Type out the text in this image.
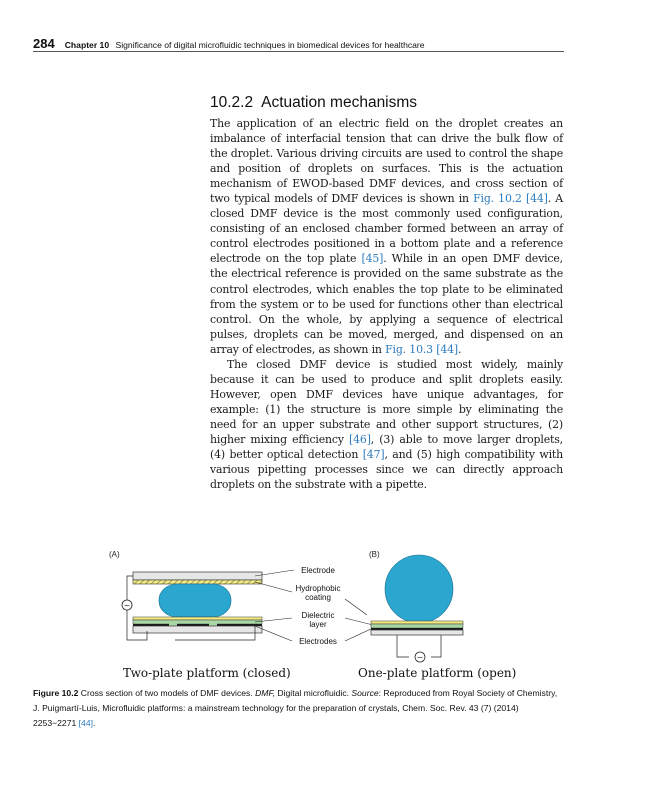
284 Chapter 10 Significance of digital microfluidic techniques in biomedical devices for healthcare
10.2.2 Actuation mechanisms

The application of an electric field on the droplet creates an imbalance of interfacial tension that can drive the bulk flow of the droplet. Various driving circuits are used to control the shape and position of droplets on surfaces. This is the actuation mechanism of EWOD-based DMF devices, and cross section of two typical models of DMF devices is shown in Fig. 10.2 [44]. A closed DMF device is the most commonly used configuration, consisting of an enclosed chamber formed between an array of control electrodes positioned in a bottom plate and a reference electrode on the top plate [45]. While in an open DMF device, the electrical reference is provided on the same substrate as the control electrodes, which enables the top plate to be eliminated from the system or to be used for functions other than electrical control. On the whole, by applying a sequence of electrical pulses, droplets can be moved, merged, and dispensed on an array of electrodes, as shown in Fig. 10.3 [44].

The closed DMF device is studied most widely, mainly because it can be used to produce and split droplets easily. However, open DMF devices have unique advantages, for example: (1) the structure is more simple by eliminating the need for an upper substrate and other support structures, (2) higher mixing efficiency [46], (3) able to move larger droplets, (4) better optical detection [47], and (5) high compatibility with various pipetting processes since we can directly approach droplets on the substrate with a pipette.

(A)
~
Electrode
Hydrophobic
coating
Dielectric
layer
Electrodes
(B)
~
Two-plate platform (closed)	One-plate platform (open)
Figure 10.2 Cross section of two models of DMF devices. DMF, Digital microfluidic. Source: Reproduced from Royal Society of Chemistry, J. Puigmartí-Luis, Microfluidic platforms: a mainstream technology for the preparation of crystals, Chem. Soc. Rev. 43 (7) (2014) 2253−2271 [44].
